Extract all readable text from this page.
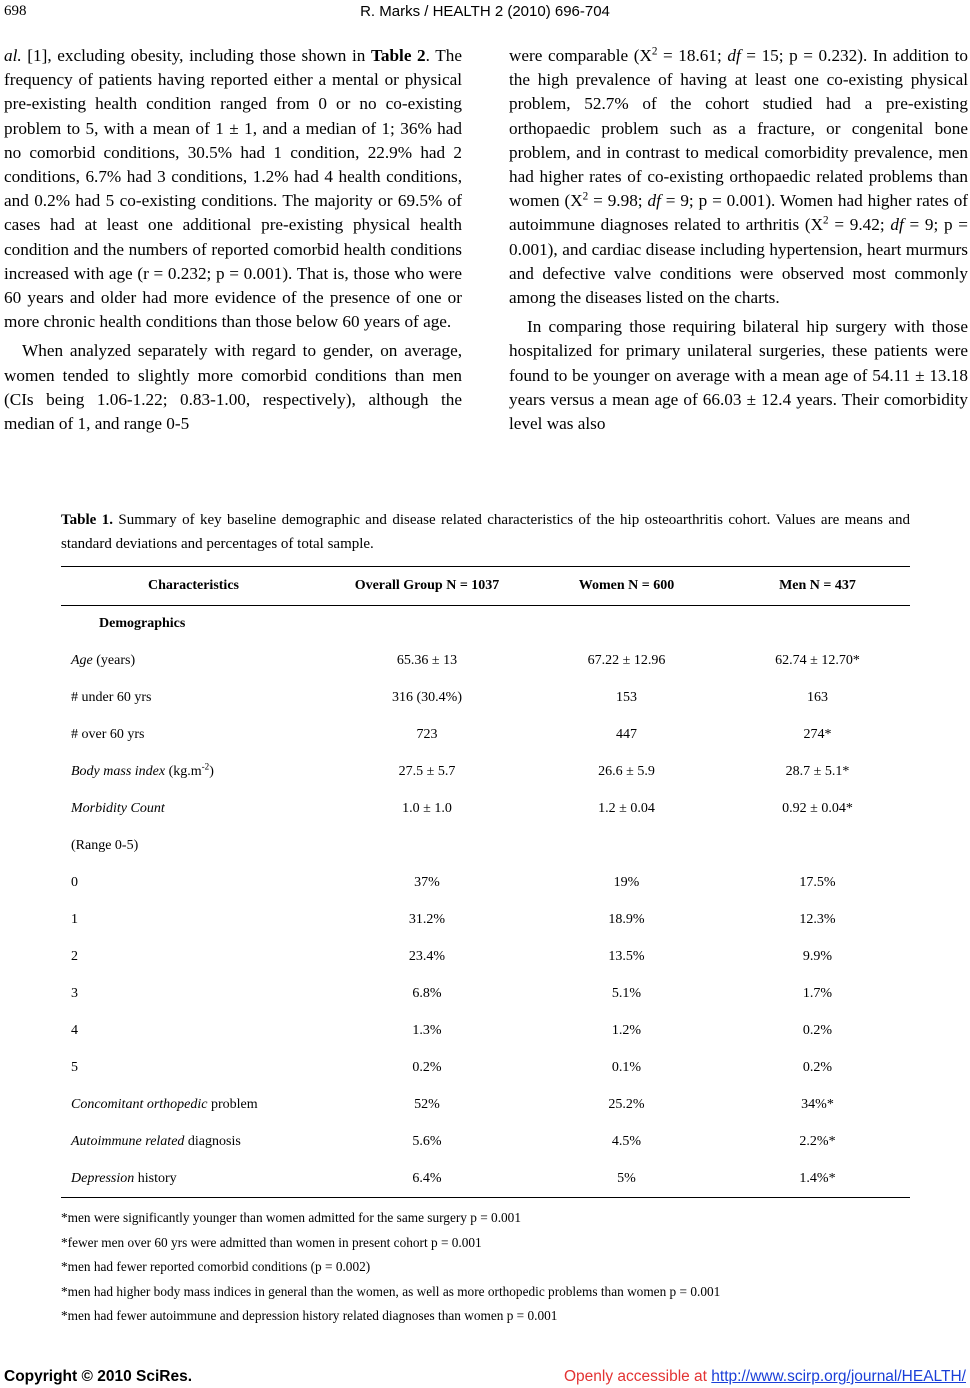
698	R. Marks / HEALTH 2 (2010) 696-704

al. [1], excluding obesity, including those shown in Table 2. The frequency of patients having reported either a mental or physical pre-existing health condition ranged from 0 or no co-existing problem to 5, with a mean of 1 ± 1, and a median of 1; 36% had no comorbid conditions, 30.5% had 1 condition, 22.9% had 2 conditions, 6.7% had 3 conditions, 1.2% had 4 health conditions, and 0.2% had 5 co-existing conditions. The majority or 69.5% of cases had at least one additional pre-existing physical health condition and the numbers of reported comorbid health conditions increased with age (r = 0.232; p = 0.001). That is, those who were 60 years and older had more evidence of the presence of one or more chronic health conditions than those below 60 years of age.

When analyzed separately with regard to gender, on average, women tended to slightly more comorbid conditions than men (CIs being 1.06-1.22; 0.83-1.00, respectively), although the median of 1, and range 0-5

were comparable ($X^2 = 18.61$; df = 15; p = 0.232). In addition to the high prevalence of having at least one co-existing physical problem, 52.7% of the cohort studied had a pre-existing orthopaedic problem such as a fracture, or congenital bone problem, and in contrast to medical comorbidity prevalence, men had higher rates of co-existing orthopaedic related problems than women ($X^2 = 9.98$; df = 9; p = 0.001). Women had higher rates of autoimmune diagnoses related to arthritis ($X^2 = 9.42$; df = 9; p = 0.001), and cardiac disease including hypertension, heart murmurs and defective valve conditions were observed most commonly among the diseases listed on the charts.

In comparing those requiring bilateral hip surgery with those hospitalized for primary unilateral surgeries, these patients were found to be younger on average with a mean age of 54.11 ± 13.18 years versus a mean age of 66.03 ± 12.4 years. Their comorbidity level was also

Table 1. Summary of key baseline demographic and disease related characteristics of the hip osteoarthritis cohort. Values are means and standard deviations and percentages of total sample.
Characteristics	Overall Group N = 1037	Women N = 600	Men N = 437
Demographics			
Age (years)	65.36 ± 13	67.22 ± 12.96	62.74 ± 12.70*
# under 60 yrs	316 (30.4%)	153	163
# over 60 yrs	723	447	274*
Body mass index $(kg.m^{-2})$	27.5 ± 5.7	26.6 ± 5.9	28.7 ± 5.1*
Morbidity Count	1.0 ± 1.0	1.2 ± 0.04	0.92 ± 0.04*
(Range 0-5)			
0	37%	19%	17.5%
1	31.2%	18.9%	12.3%
2	23.4%	13.5%	9.9%
3	6.8%	5.1%	1.7%
4	1.3%	1.2%	0.2%
5	0.2%	0.1%	0.2%
Concomitant orthopedic problem	52%	25.2%	34%*
Autoimmune related diagnosis	5.6%	4.5%	2.2%*
Depression history	6.4%	5%	1.4%*
*men were significantly younger than women admitted for the same surgery p = 0.001
*fewer men over 60 yrs were admitted than women in present cohort p = 0.001
*men had fewer reported comorbid conditions (p = 0.002)
*men had higher body mass indices in general than the women, as well as more orthopedic problems than women p = 0.001
*men had fewer autoimmune and depression history related diagnoses than women p = 0.001
Copyright © 2010 SciRes.	Openly accessible at http://www.scirp.org/journal/HEALTH/
